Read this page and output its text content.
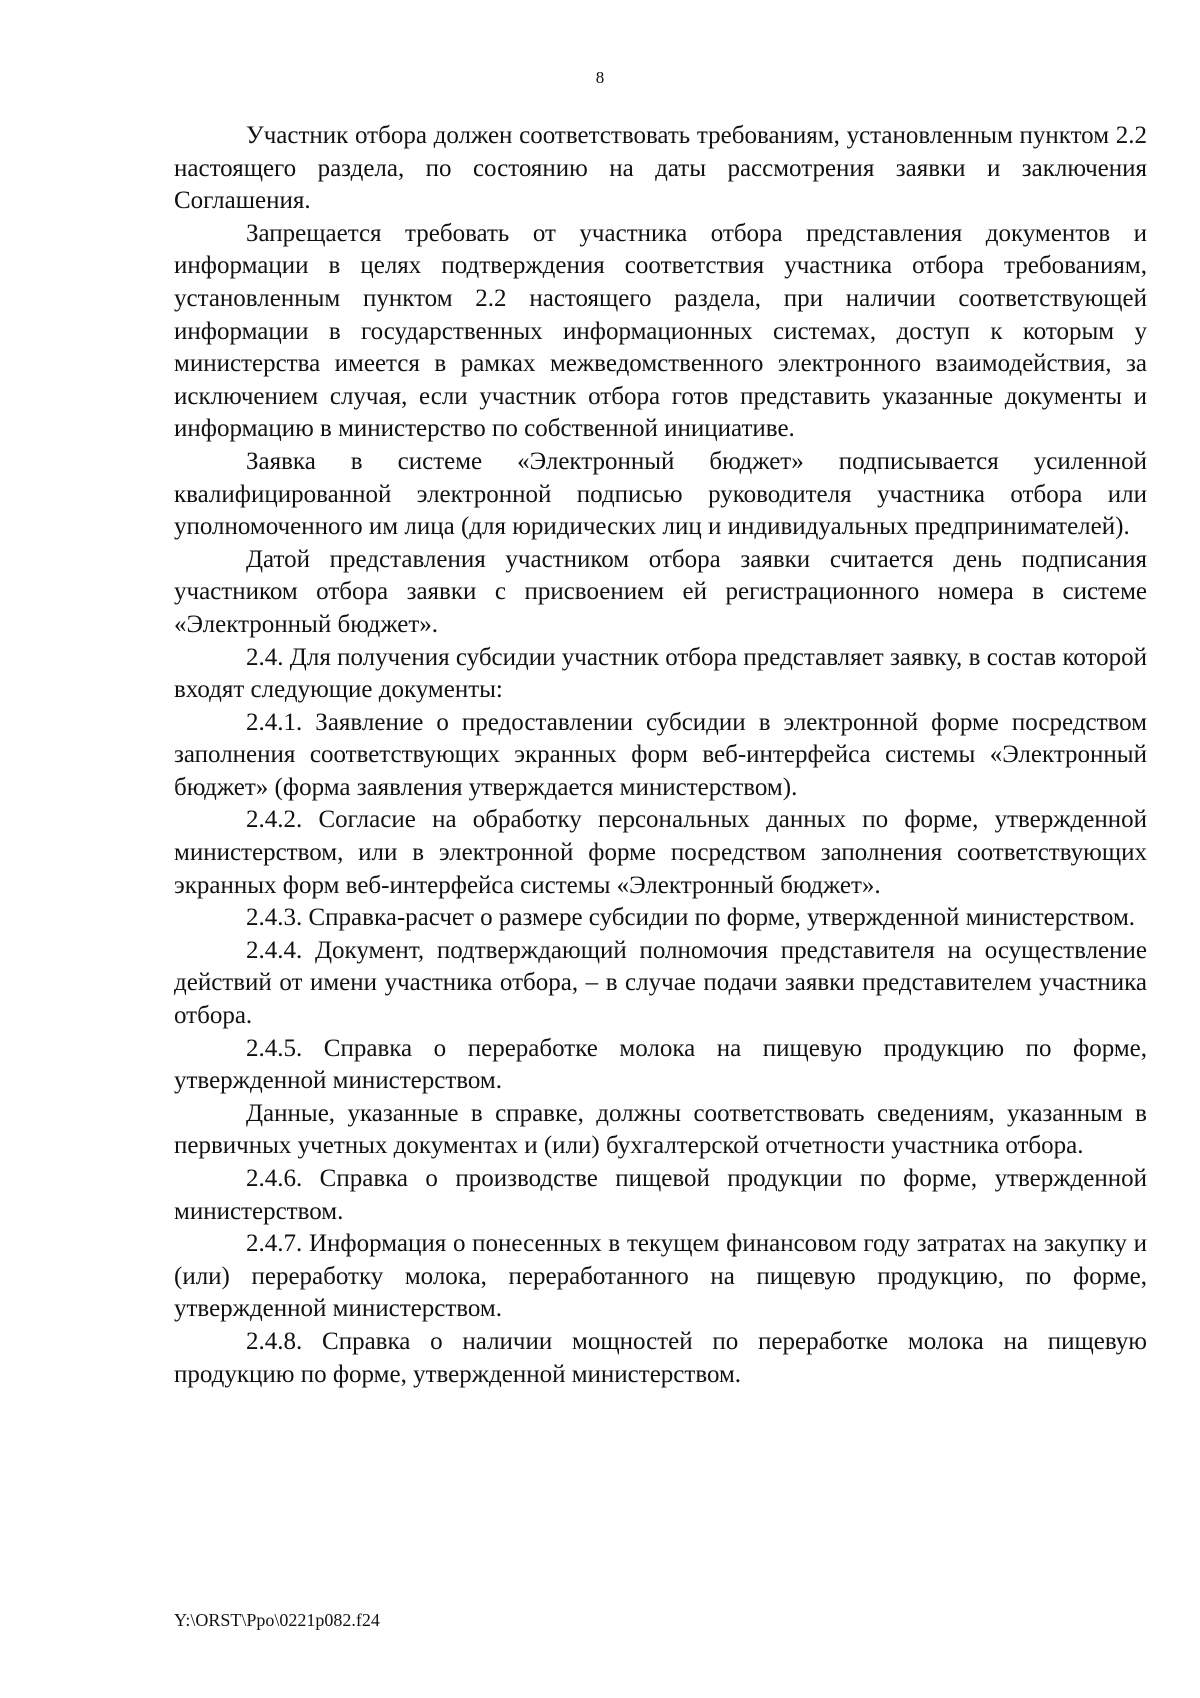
8

Участник отбора должен соответствовать требованиям, установленным пунктом 2.2 настоящего раздела, по состоянию на даты рассмотрения заявки и заключения Соглашения.

Запрещается требовать от участника отбора представления документов и информации в целях подтверждения соответствия участника отбора требованиям, установленным пунктом 2.2 настоящего раздела, при наличии соответствующей информации в государственных информационных системах, доступ к которым у министерства имеется в рамках межведомственного электронного взаимодействия, за исключением случая, если участник отбора готов представить указанные документы и информацию в министерство по собственной инициативе.

Заявка в системе «Электронный бюджет» подписывается усиленной квалифицированной электронной подписью руководителя участника отбора или уполномоченного им лица (для юридических лиц и индивидуальных предпринимателей).

Датой представления участником отбора заявки считается день подписания участником отбора заявки с присвоением ей регистрационного номера в системе «Электронный бюджет».

2.4. Для получения субсидии участник отбора представляет заявку, в состав которой входят следующие документы:

2.4.1. Заявление о предоставлении субсидии в электронной форме посредством заполнения соответствующих экранных форм веб-интерфейса системы «Электронный бюджет» (форма заявления утверждается министерством).

2.4.2. Согласие на обработку персональных данных по форме, утвержденной министерством, или в электронной форме посредством заполнения соответствующих экранных форм веб-интерфейса системы «Электронный бюджет».

2.4.3. Справка-расчет о размере субсидии по форме, утвержденной министерством.

2.4.4. Документ, подтверждающий полномочия представителя на осуществление действий от имени участника отбора, – в случае подачи заявки представителем участника отбора.

2.4.5. Справка о переработке молока на пищевую продукцию по форме, утвержденной министерством.

Данные, указанные в справке, должны соответствовать сведениям, указанным в первичных учетных документах и (или) бухгалтерской отчетности участника отбора.

2.4.6. Справка о производстве пищевой продукции по форме, утвержденной министерством.

2.4.7. Информация о понесенных в текущем финансовом году затратах на закупку и (или) переработку молока, переработанного на пищевую продукцию, по форме, утвержденной министерством.

2.4.8. Справка о наличии мощностей по переработке молока на пищевую продукцию по форме, утвержденной министерством.

Y:\ORST\Ppo\0221p082.f24
